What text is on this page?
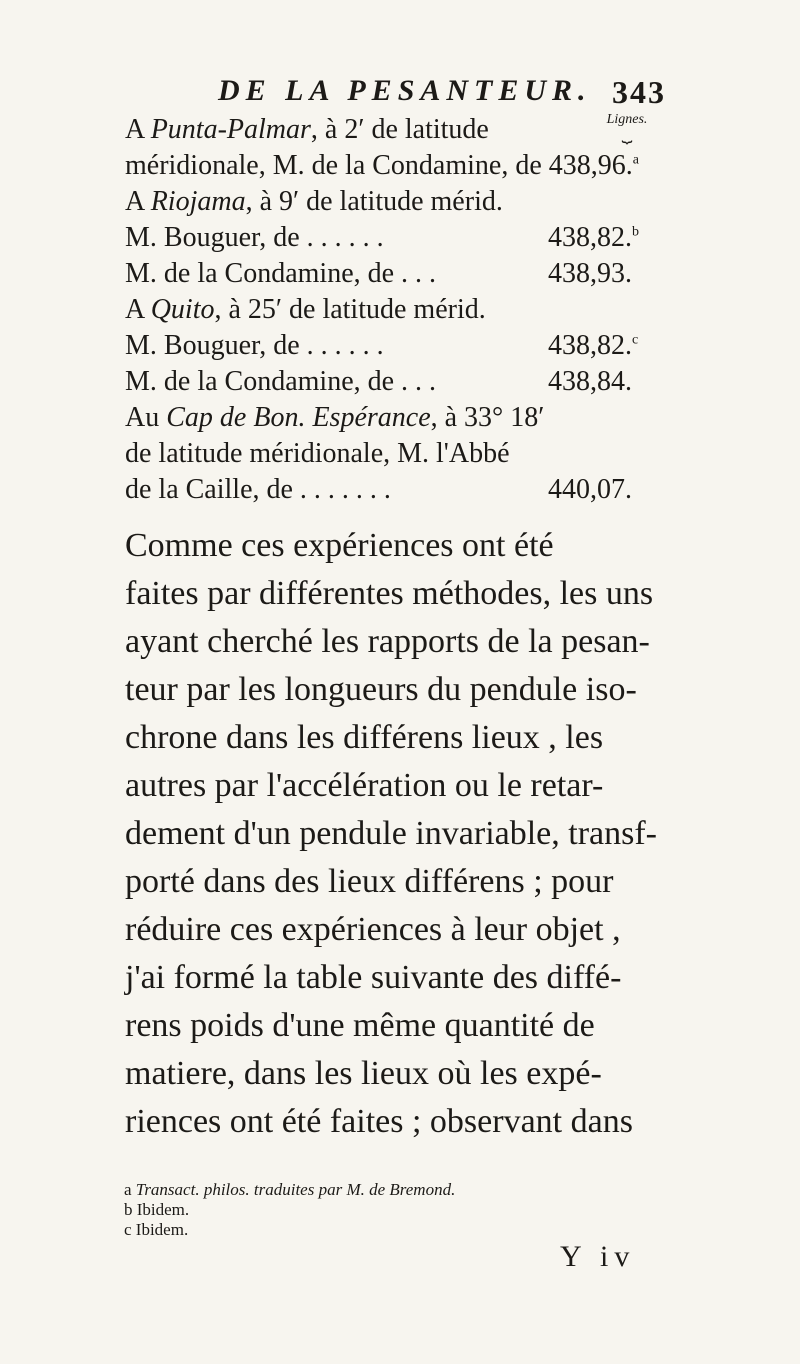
DE LA PESANTEUR. 343
Lignes.
⏟
A Punta-Palmar, à 2′ de latitude
méridionale, M. de la Condamine, de 438,96.$^a$
A Riojama, à 9′ de latitude mérid.
M. Bouguer, de . . . . . .	438,82.$^b$
M. de la Condamine, de . . .	438,93.
A Quito, à 25′ de latitude mérid.
M. Bouguer, de . . . . . .	438,82.$^c$
M. de la Condamine, de . . .	438,84.
Au Cap de Bon. Espérance, à 33° 18′
de latitude méridionale, M. l'Abbé
de la Caille, de . . . . . . .	440,07.
Comme ces expériences ont été
faites par différentes méthodes, les uns
ayant cherché les rapports de la pesan-
teur par les longueurs du pendule iso-
chrone dans les différens lieux , les
autres par l'accélération ou le retar-
dement d'un pendule invariable, transf-
porté dans des lieux différens ; pour
réduire ces expériences à leur objet ,
j'ai formé la table suivante des diffé-
rens poids d'une même quantité de
matiere, dans les lieux où les expé-
riences ont été faites ; observant dans
a Transact. philos. traduites par M. de Bremond.
b Ibidem.
c Ibidem.
Y iv
